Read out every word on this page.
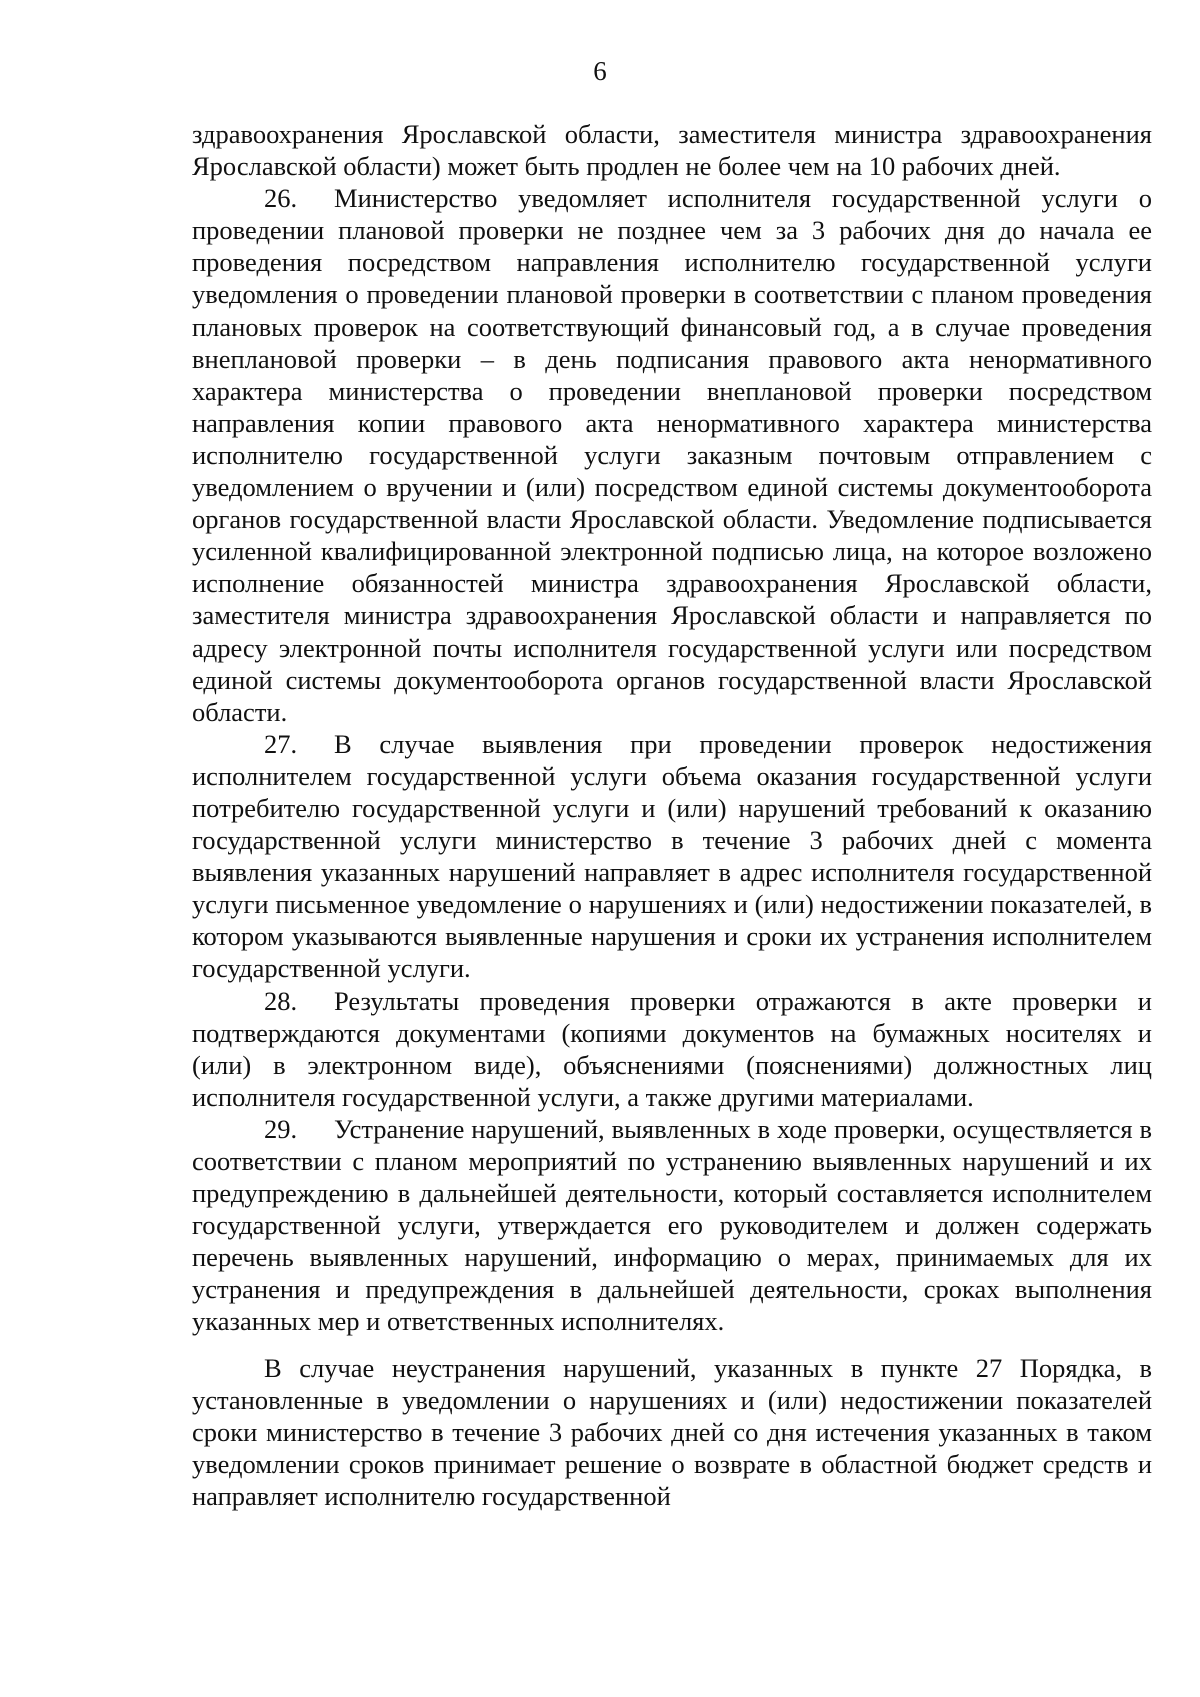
6

здравоохранения Ярославской области, заместителя министра здравоохранения Ярославской области) может быть продлен не более чем на 10 рабочих дней.

26. Министерство уведомляет исполнителя государственной услуги о проведении плановой проверки не позднее чем за 3 рабочих дня до начала ее проведения посредством направления исполнителю государственной услуги уведомления о проведении плановой проверки в соответствии с планом проведения плановых проверок на соответствующий финансовый год, а в случае проведения внеплановой проверки – в день подписания правового акта ненормативного характера министерства о проведении внеплановой проверки посредством направления копии правового акта ненормативного характера министерства исполнителю государственной услуги заказным почтовым отправлением с уведомлением о вручении и (или) посредством единой системы документооборота органов государственной власти Ярославской области. Уведомление подписывается усиленной квалифицированной электронной подписью лица, на которое возложено исполнение обязанностей министра здравоохранения Ярославской области, заместителя министра здравоохранения Ярославской области и направляется по адресу электронной почты исполнителя государственной услуги или посредством единой системы документооборота органов государственной власти Ярославской области.

27. В случае выявления при проведении проверок недостижения исполнителем государственной услуги объема оказания государственной услуги потребителю государственной услуги и (или) нарушений требований к оказанию государственной услуги министерство в течение 3 рабочих дней с момента выявления указанных нарушений направляет в адрес исполнителя государственной услуги письменное уведомление о нарушениях и (или) недостижении показателей, в котором указываются выявленные нарушения и сроки их устранения исполнителем государственной услуги.

28. Результаты проведения проверки отражаются в акте проверки и подтверждаются документами (копиями документов на бумажных носителях и (или) в электронном виде), объяснениями (пояснениями) должностных лиц исполнителя государственной услуги, а также другими материалами.

29. Устранение нарушений, выявленных в ходе проверки, осуществляется в соответствии с планом мероприятий по устранению выявленных нарушений и их предупреждению в дальнейшей деятельности, который составляется исполнителем государственной услуги, утверждается его руководителем и должен содержать перечень выявленных нарушений, информацию о мерах, принимаемых для их устранения и предупреждения в дальнейшей деятельности, сроках выполнения указанных мер и ответственных исполнителях.

В случае неустранения нарушений, указанных в пункте 27 Порядка, в установленные в уведомлении о нарушениях и (или) недостижении показателей сроки министерство в течение 3 рабочих дней со дня истечения указанных в таком уведомлении сроков принимает решение о возврате в областной бюджет средств и направляет исполнителю государственной
